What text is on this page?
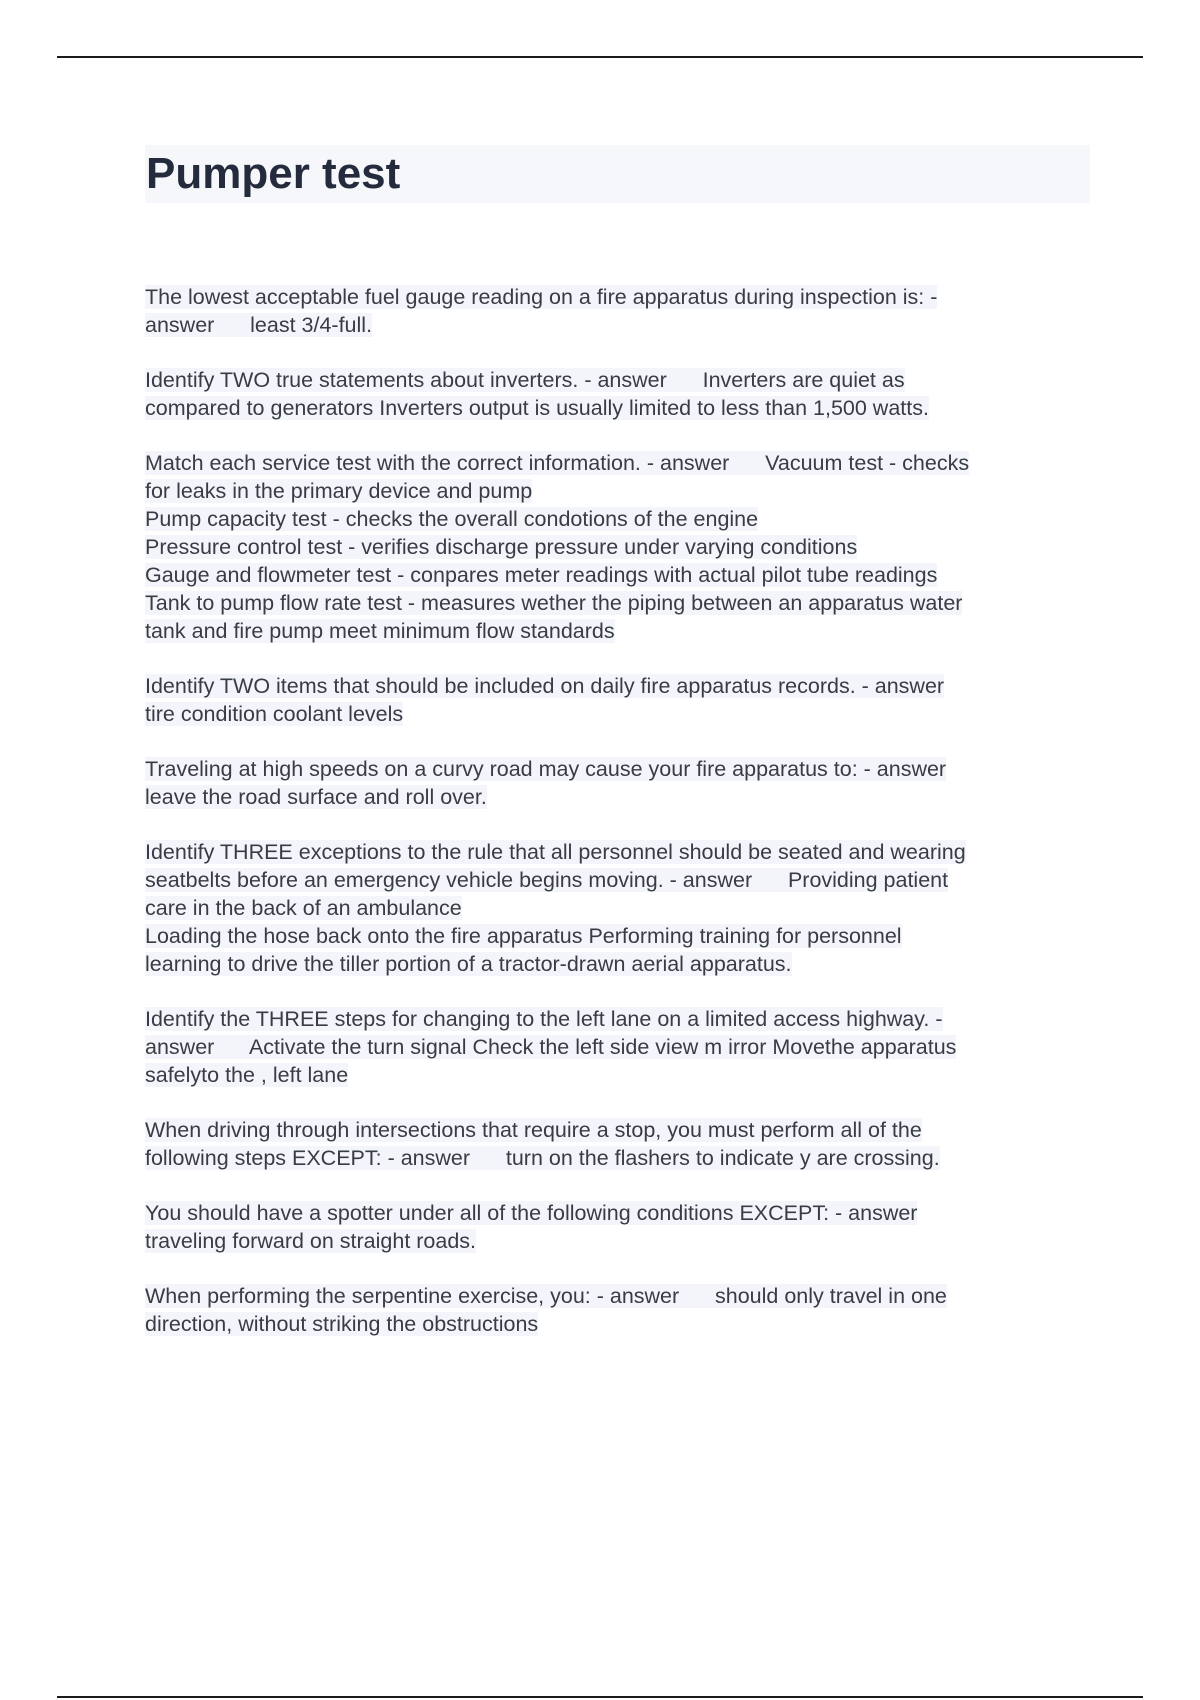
Pumper test
The lowest acceptable fuel gauge reading on a fire apparatus during inspection is: -
answer      least 3/4-full.
Identify TWO true statements about inverters. - answer      Inverters are quiet as
compared to generators Inverters output is usually limited to less than 1,500 watts.
Match each service test with the correct information. - answer      Vacuum test - checks
for leaks in the primary device and pump
Pump capacity test - checks the overall condotions of the engine
Pressure control test - verifies discharge pressure under varying conditions
Gauge and flowmeter test - conpares meter readings with actual pilot tube readings
Tank to pump flow rate test - measures wether the piping between an apparatus water
tank and fire pump meet minimum flow standards
Identify TWO items that should be included on daily fire apparatus records. - answer
tire condition coolant levels
Traveling at high speeds on a curvy road may cause your fire apparatus to: - answer
leave the road surface and roll over.
Identify THREE exceptions to the rule that all personnel should be seated and wearing
seatbelts before an emergency vehicle begins moving. - answer      Providing patient
care in the back of an ambulance
Loading the hose back onto the fire apparatus Performing training for personnel
learning to drive the tiller portion of a tractor-drawn aerial apparatus.
Identify the THREE steps for changing to the left lane on a limited access highway. -
answer      Activate the turn signal Check the left side view m irror Movethe apparatus
safelyto the , left lane
When driving through intersections that require a stop, you must perform all of the
following steps EXCEPT: - answer      turn on the flashers to indicate y are crossing.
You should have a spotter under all of the following conditions EXCEPT: - answer
traveling forward on straight roads.
When performing the serpentine exercise, you: - answer      should only travel in one
direction, without striking the obstructions
